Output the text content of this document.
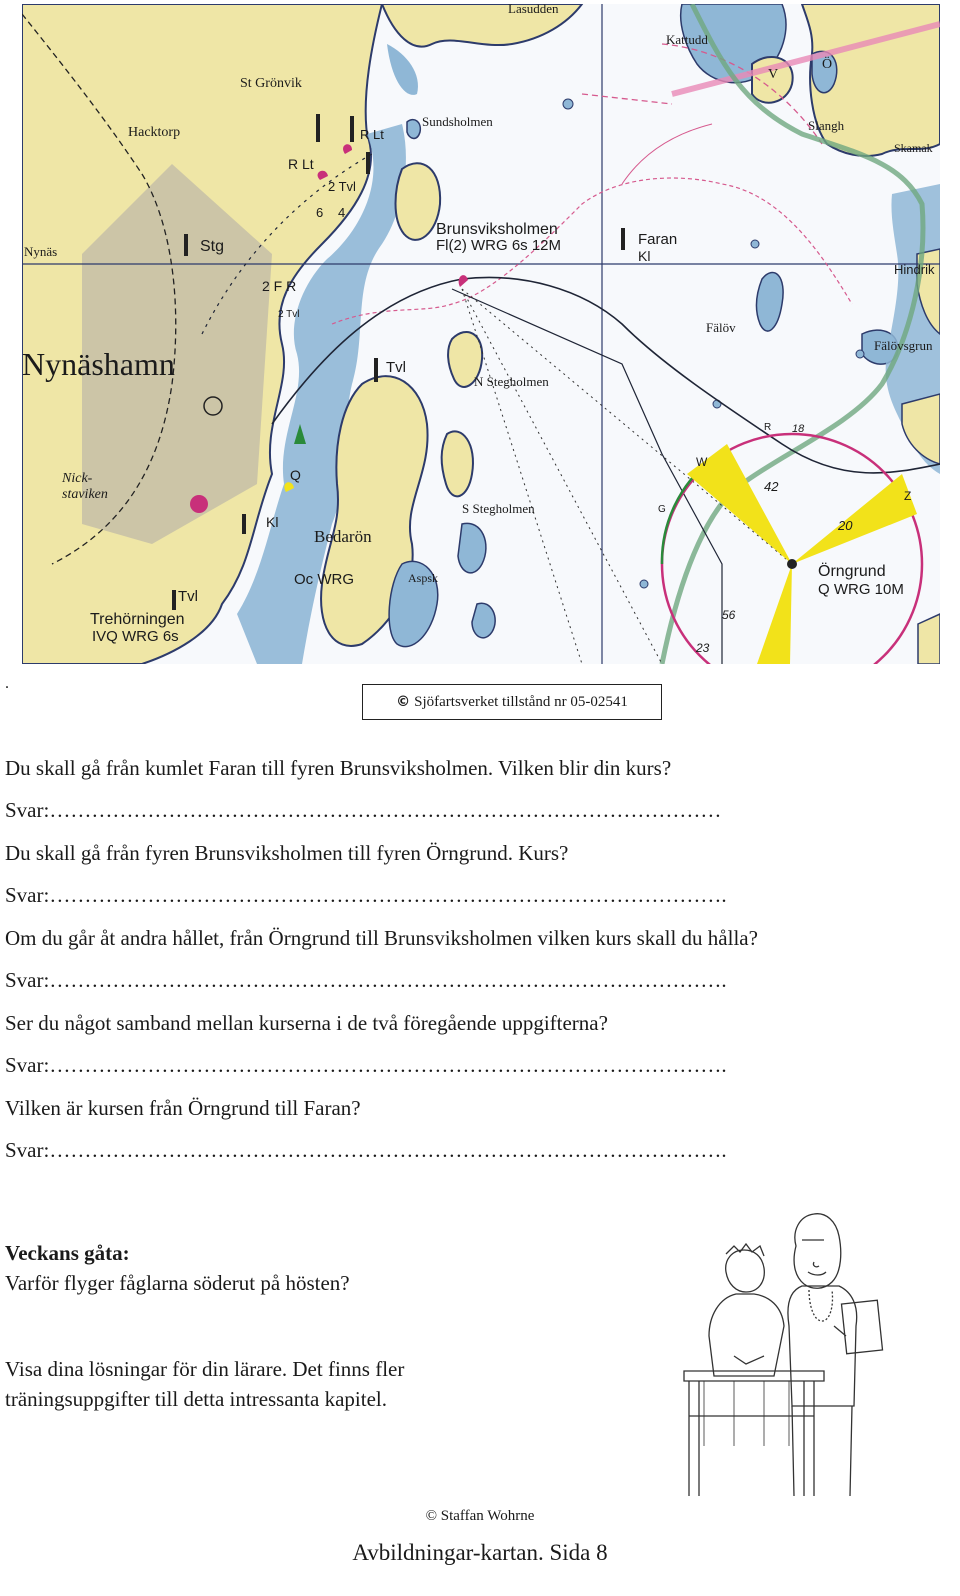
Lasudden
Kattudd
St Grönvik
Hacktorp	R Lt
R Lt
2 Tvl
6 4
Sundsholmen
V
Ö
Slangh
Skamak
Nynäs	Stg
Brunsviksholmen
Fl(2) WRG 6s 12M	Faran
Kl
Hindrik
2 F R
2 Tvl
Nynäshamn
Fälöv
Fälövsgrun
Tvl
N Stegholmen
Nick-
staviken
Q
Kl
Bedarön
S Stegholmen
Oc WRG	Aspsk
Tvl
Trehörningen
IVQ WRG 6s
Örngrund
Q WRG 10M
W
Z
42
20
18
56
23
R
G
.
© Sjöfartsverket tillstånd nr 05-02541
Du skall gå från kumlet Faran till fyren Brunsviksholmen. Vilken blir din kurs?
Svar:……………………………………………………………………………………
Du skall gå från fyren Brunsviksholmen till fyren Örngrund. Kurs?
Svar:…………………………………………………………………………………….
Om du går åt andra hållet, från Örngrund till Brunsviksholmen vilken kurs skall du hålla?
Svar:…………………………………………………………………………………….
Ser du något samband mellan kurserna i de två föregående uppgifterna?
Svar:…………………………………………………………………………………….
Vilken är kursen från Örngrund till Faran?
Svar:…………………………………………………………………………………….
Veckans gåta:
Varför flyger fåglarna söderut på hösten?
Visa dina lösningar för din lärare. Det finns fler
träningsuppgifter till detta intressanta kapitel.
© Staffan Wohrne
Avbildningar-kartan. Sida 8
